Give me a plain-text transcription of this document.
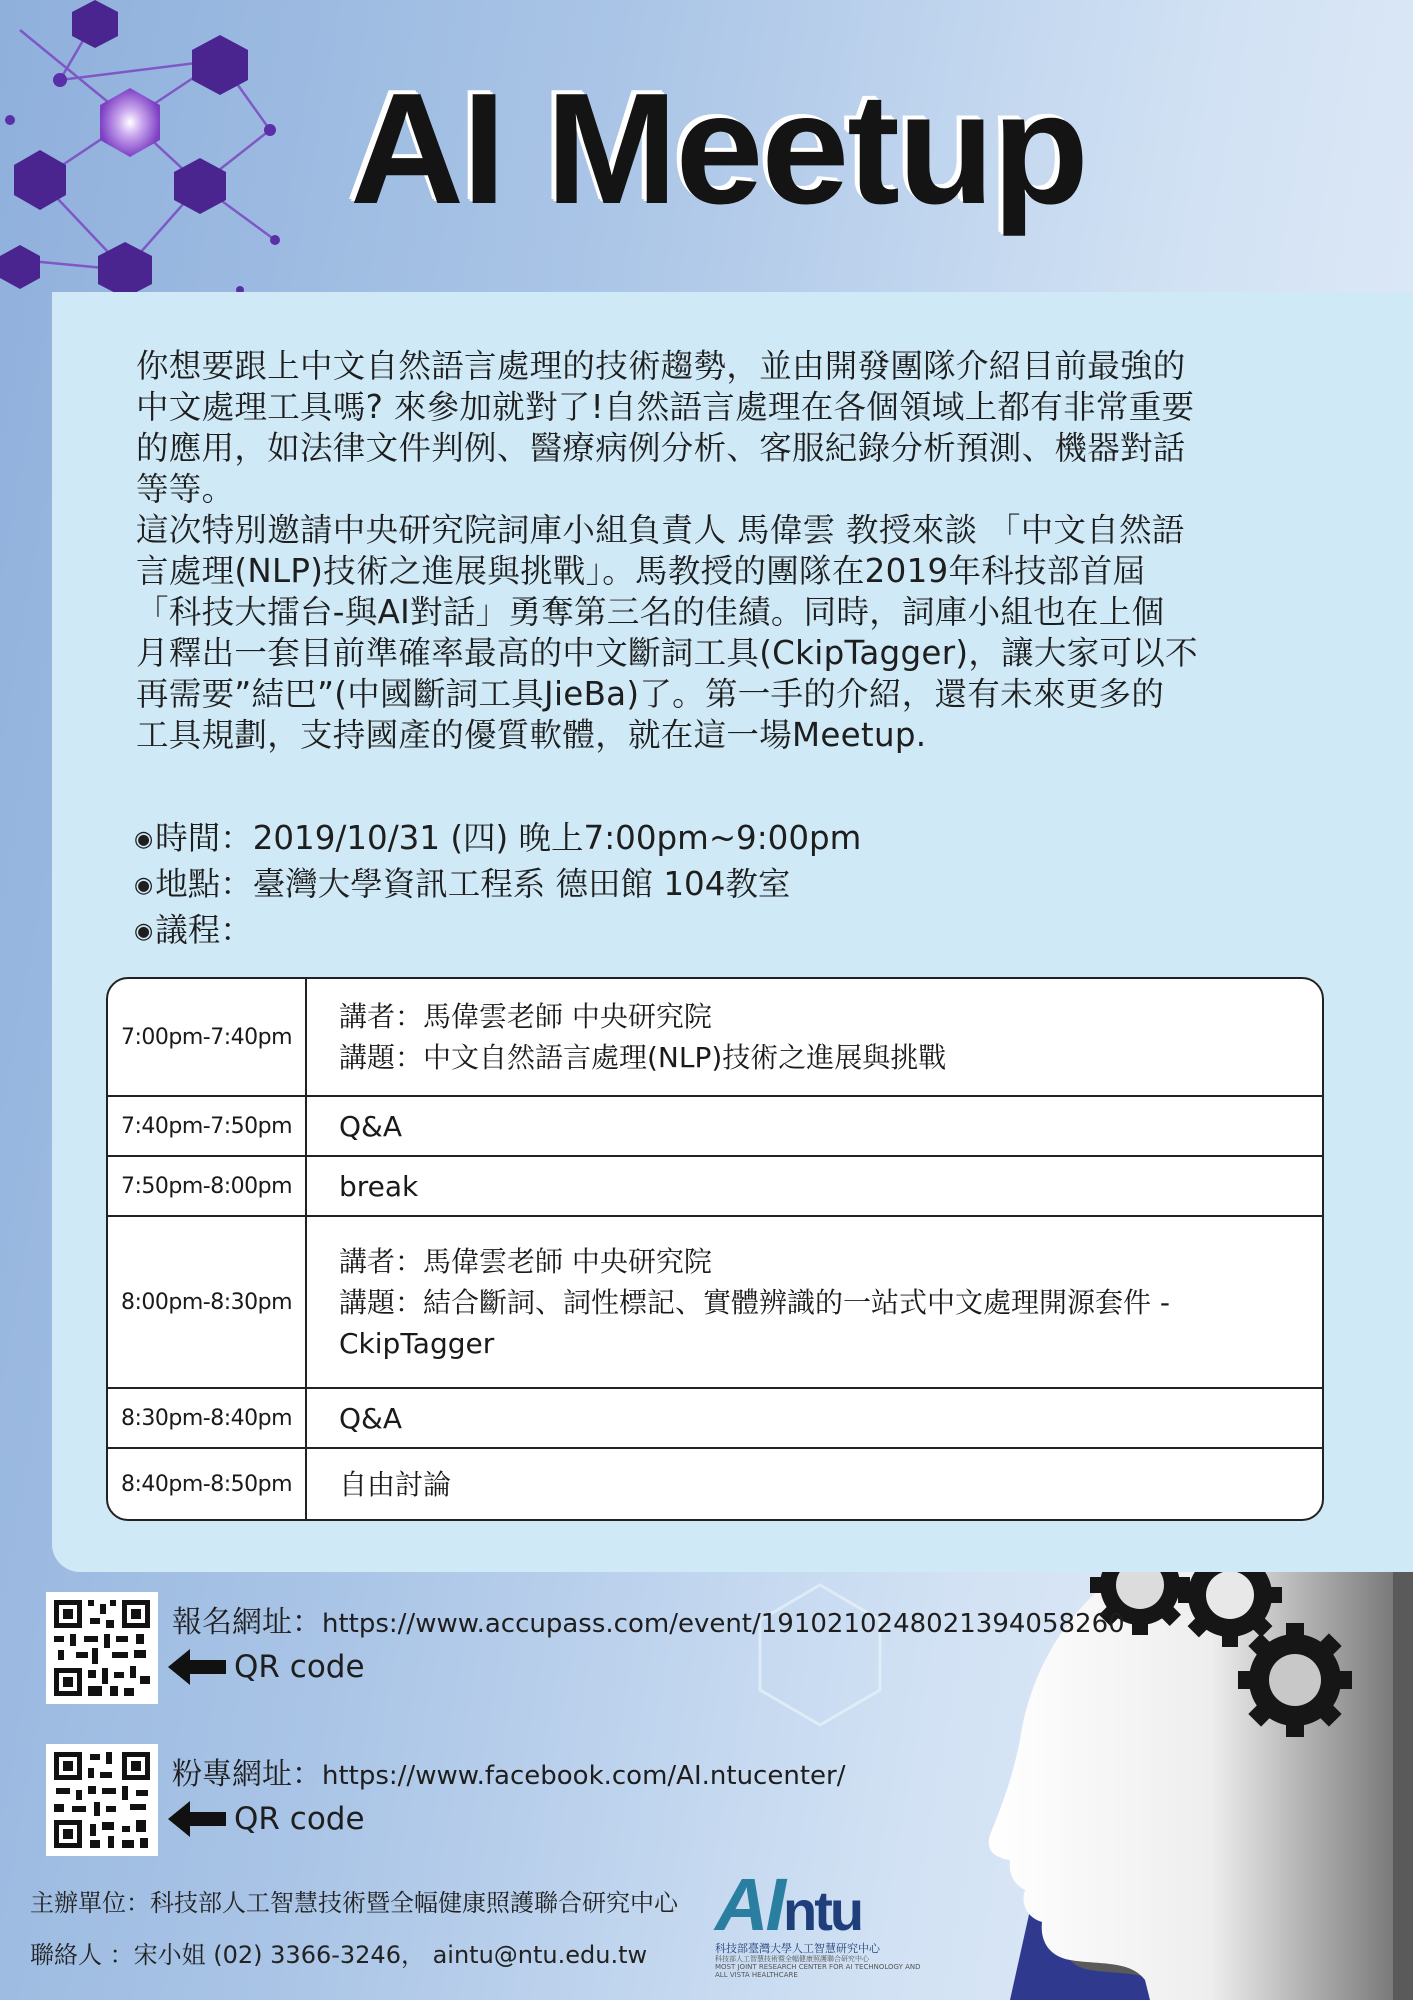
AI Meetup
你想要跟上中文自然語言處理的技術趨勢，並由開發團隊介紹目前最強的
中文處理工具嗎? 來參加就對了!自然語言處理在各個領域上都有非常重要
的應用，如法律文件判例、醫療病例分析、客服紀錄分析預測、機器對話
等等。
這次特別邀請中央研究院詞庫小組負責人 馬偉雲 教授來談 「中文自然語
言處理(NLP)技術之進展與挑戰」。馬教授的團隊在2019年科技部首屆
「科技大擂台-與AI對話」勇奪第三名的佳績。同時，詞庫小組也在上個
月釋出一套目前準確率最高的中文斷詞工具(CkipTagger)，讓大家可以不
再需要”結巴”(中國斷詞工具JieBa)了。第一手的介紹，還有未來更多的
工具規劃，支持國產的優質軟體，就在這一場Meetup.
◉時間：2019/10/31 (四) 晚上7:00pm~9:00pm
◉地點：臺灣大學資訊工程系 德田館 104教室
◉議程：
7:00pm-7:40pm	講者：馬偉雲老師 中央研究院
講題：中文自然語言處理(NLP)技術之進展與挑戰

7:40pm-7:50pm	Q&A

7:50pm-8:00pm	break

8:00pm-8:30pm	講者：馬偉雲老師 中央研究院
講題：結合斷詞、詞性標記、實體辨識的一站式中文處理開源套件 -
CkipTagger

8:30pm-8:40pm	Q&A

8:40pm-8:50pm	自由討論
報名網址：https://www.accupass.com/event/1910210248021394058260
QR code
粉專網址：https://www.facebook.com/AI.ntucenter/
QR code
主辦單位：科技部人工智慧技術暨全幅健康照護聯合研究中心
聯絡人 ：宋小姐 (02) 3366-3246， aintu@ntu.edu.tw
AIntu
科技部臺灣大學人工智慧研究中心
科技部人工智慧技術暨全幅健康照護聯合研究中心
MOST JOINT RESEARCH CENTER FOR AI TECHNOLOGY AND
ALL VISTA HEALTHCARE
